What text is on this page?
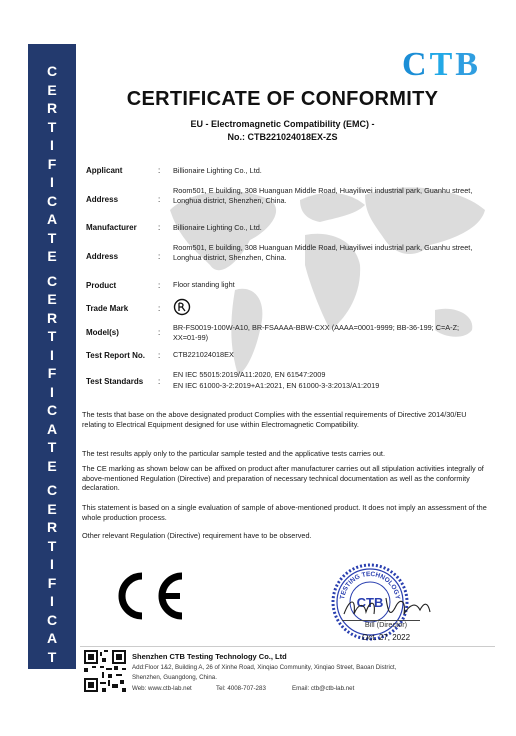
C
E
R
T
I
F
I
C
A
T
E
C
E
R
T
I
F
I
C
A
T
E
C
E
R
T
I
F
I
C
A
T
E
CTB
CERTIFICATE OF CONFORMITY
EU - Electromagnetic Compatibility (EMC) -
No.: CTB221024018EX-ZS
Applicant	: Billionaire Lighting Co., Ltd.
Address	:
Room501, E building, 308 Huanguan Middle Road, Huayiliwei industrial park, Guanhu street, Longhua district, Shenzhen, China.
Manufacturer	: Billionaire Lighting Co., Ltd.
Address	:
Room501, E building, 308 Huanguan Middle Road, Huayiliwei industrial park, Guanhu street, Longhua district, Shenzhen, China.
Product	: Floor standing light
Trade Mark	:
Model(s)	:
BR-FS0019-100W-A10, BR-FSAAAA-BBW-CXX (AAAA=0001-9999; BB-36-199; C=A-Z; XX=01-99)
Test Report No. : CTB221024018EX
Test Standards :
EN IEC 55015:2019/A11:2020, EN 61547:2009
EN IEC 61000-3-2:2019+A1:2021, EN 61000-3-3:2013/A1:2019
The tests that base on the above designated product Complies with the essential requirements of Directive 2014/30/EU relating to Electrical Equipment designed for use within Electromagnetic Compatibility.
The test results apply only to the particular sample tested and the applicative tests carries out.
The CE marking as shown below can be affixed on product after manufacturer carries out all stipulation activities integrally of above-mentioned Regulation (Directive) and preparation of necessary technical documentation as well as the conformity declaration.
This statement is based on a single evaluation of sample of above-mentioned product. It does not imply an assessment of the whole production process.
Other relevant Regulation (Directive) requirement have to be observed.
TESTING TECHNOLOGY
CTB
Bill (Director)
Oct. 27, 2022
Shenzhen CTB Testing Technology Co., Ltd
Add:Floor 1&2, Building A, 26 of Xinhe Road, Xinqiao Community, Xinqiao Street, Baoan District,
Shenzhen, Guangdong, China.
Web: www.ctb-lab.net	Tel: 4008-707-283	Email: ctb@ctb-lab.net
